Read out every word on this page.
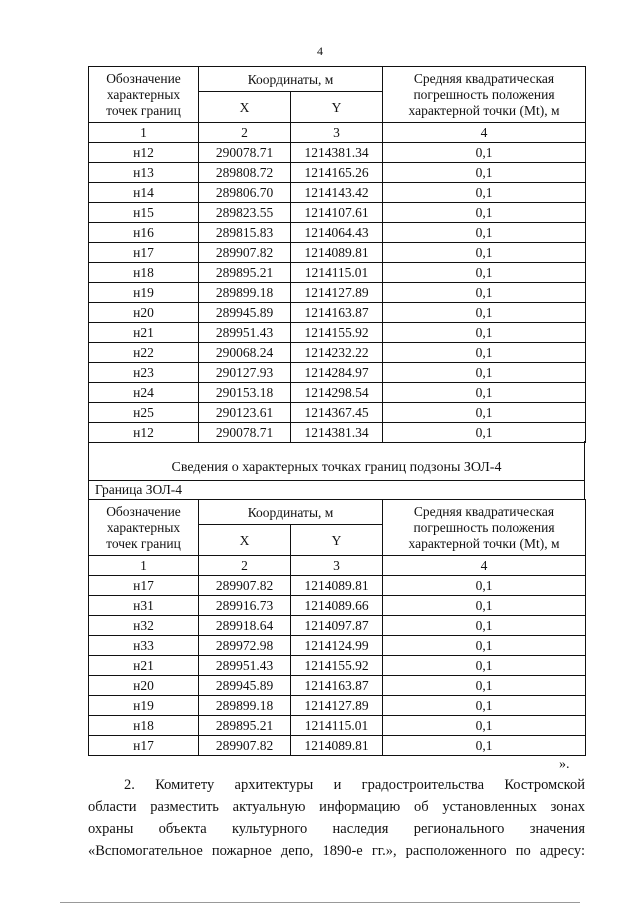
4
Обозначение
характерных
точек границ	Координаты, м		Средняя квадратическая
погрешность положения
характерной точки (Mt), м
	X	Y	
1	2	3	4
н12	290078.71	1214381.34	0,1
н13	289808.72	1214165.26	0,1
н14	289806.70	1214143.42	0,1
н15	289823.55	1214107.61	0,1
н16	289815.83	1214064.43	0,1
н17	289907.82	1214089.81	0,1
н18	289895.21	1214115.01	0,1
н19	289899.18	1214127.89	0,1
н20	289945.89	1214163.87	0,1
н21	289951.43	1214155.92	0,1
н22	290068.24	1214232.22	0,1
н23	290127.93	1214284.97	0,1
н24	290153.18	1214298.54	0,1
н25	290123.61	1214367.45	0,1
н12	290078.71	1214381.34	0,1
Сведения о характерных точках границ подзоны ЗОЛ-4
Граница ЗОЛ-4
Обозначение
характерных
точек границ	Координаты, м		Средняя квадратическая
погрешность положения
характерной точки (Mt), м
	X	Y	
1	2	3	4
н17	289907.82	1214089.81	0,1
н31	289916.73	1214089.66	0,1
н32	289918.64	1214097.87	0,1
н33	289972.98	1214124.99	0,1
н21	289951.43	1214155.92	0,1
н20	289945.89	1214163.87	0,1
н19	289899.18	1214127.89	0,1
н18	289895.21	1214115.01	0,1
н17	289907.82	1214089.81	0,1
».
2. Комитету архитектуры и градостроительства Костромской
области разместить актуальную информацию об установленных зонах
охраны объекта культурного наследия регионального значения
«Вспомогательное пожарное депо, 1890-е гг.», расположенного по адресу:
